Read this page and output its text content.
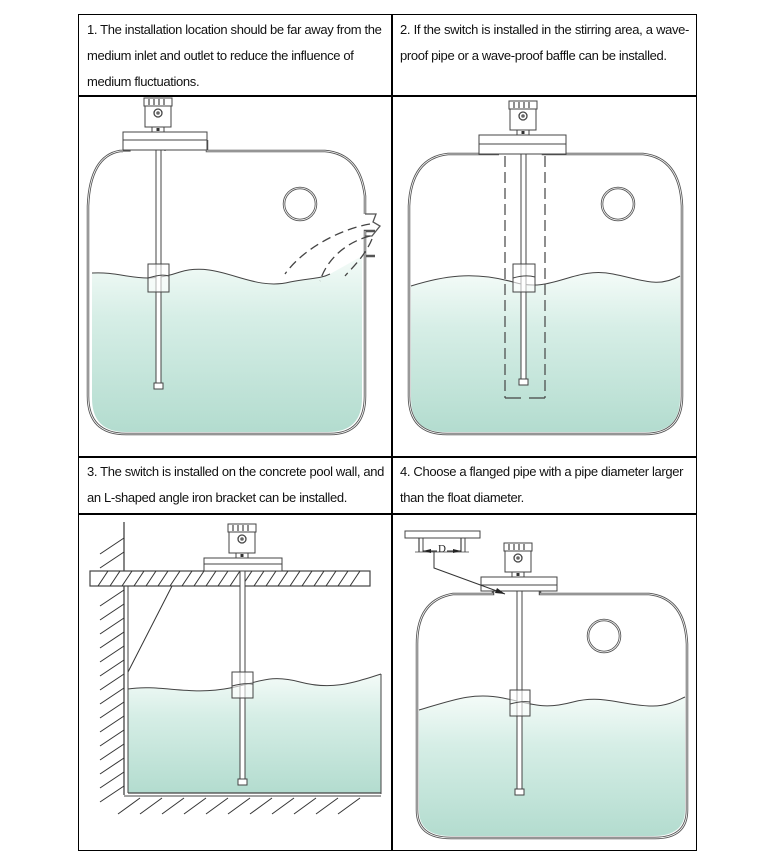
1. The installation location should be far away from the medium inlet and outlet to reduce the influence of medium fluctuations.
2. If the switch is installed in the stirring area, a wave-proof pipe or a wave-proof baffle can be installed.
3. The switch is installed on the concrete pool wall, and an L-shaped angle iron bracket can be installed.
4. Choose a flanged pipe with a pipe diameter larger than the float diameter.
D
